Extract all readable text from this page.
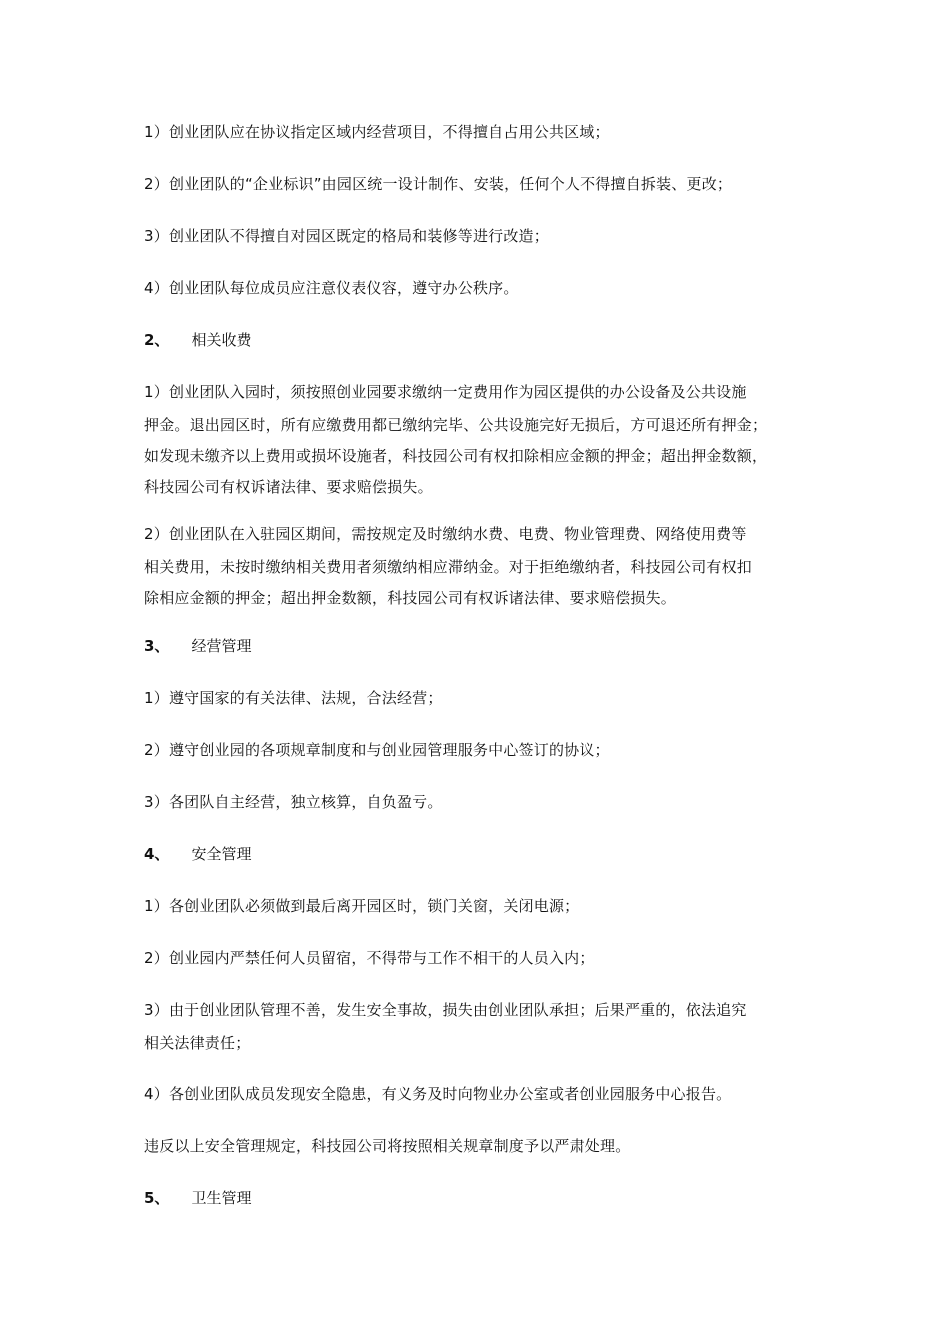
1）创业团队应在协议指定区域内经营项目，不得擅自占用公共区域；
2）创业团队的“企业标识”由园区统一设计制作、安装，任何个人不得擅自拆装、更改；
3）创业团队不得擅自对园区既定的格局和装修等进行改造；
4）创业团队每位成员应注意仪表仪容，遵守办公秩序。
2、 相关收费
1）创业团队入园时，须按照创业园要求缴纳一定费用作为园区提供的办公设备及公共设施
押金。退出园区时，所有应缴费用都已缴纳完毕、公共设施完好无损后，方可退还所有押金；
如发现未缴齐以上费用或损坏设施者，科技园公司有权扣除相应金额的押金；超出押金数额，
科技园公司有权诉诸法律、要求赔偿损失。
2）创业团队在入驻园区期间，需按规定及时缴纳水费、电费、物业管理费、网络使用费等
相关费用，未按时缴纳相关费用者须缴纳相应滞纳金。对于拒绝缴纳者，科技园公司有权扣
除相应金额的押金；超出押金数额，科技园公司有权诉诸法律、要求赔偿损失。
3、 经营管理
1）遵守国家的有关法律、法规，合法经营；
2）遵守创业园的各项规章制度和与创业园管理服务中心签订的协议；
3）各团队自主经营，独立核算，自负盈亏。
4、 安全管理
1）各创业团队必须做到最后离开园区时，锁门关窗，关闭电源；
2）创业园内严禁任何人员留宿，不得带与工作不相干的人员入内；
3）由于创业团队管理不善，发生安全事故，损失由创业团队承担；后果严重的，依法追究
相关法律责任；
4）各创业团队成员发现安全隐患，有义务及时向物业办公室或者创业园服务中心报告。
违反以上安全管理规定，科技园公司将按照相关规章制度予以严肃处理。
5、 卫生管理
